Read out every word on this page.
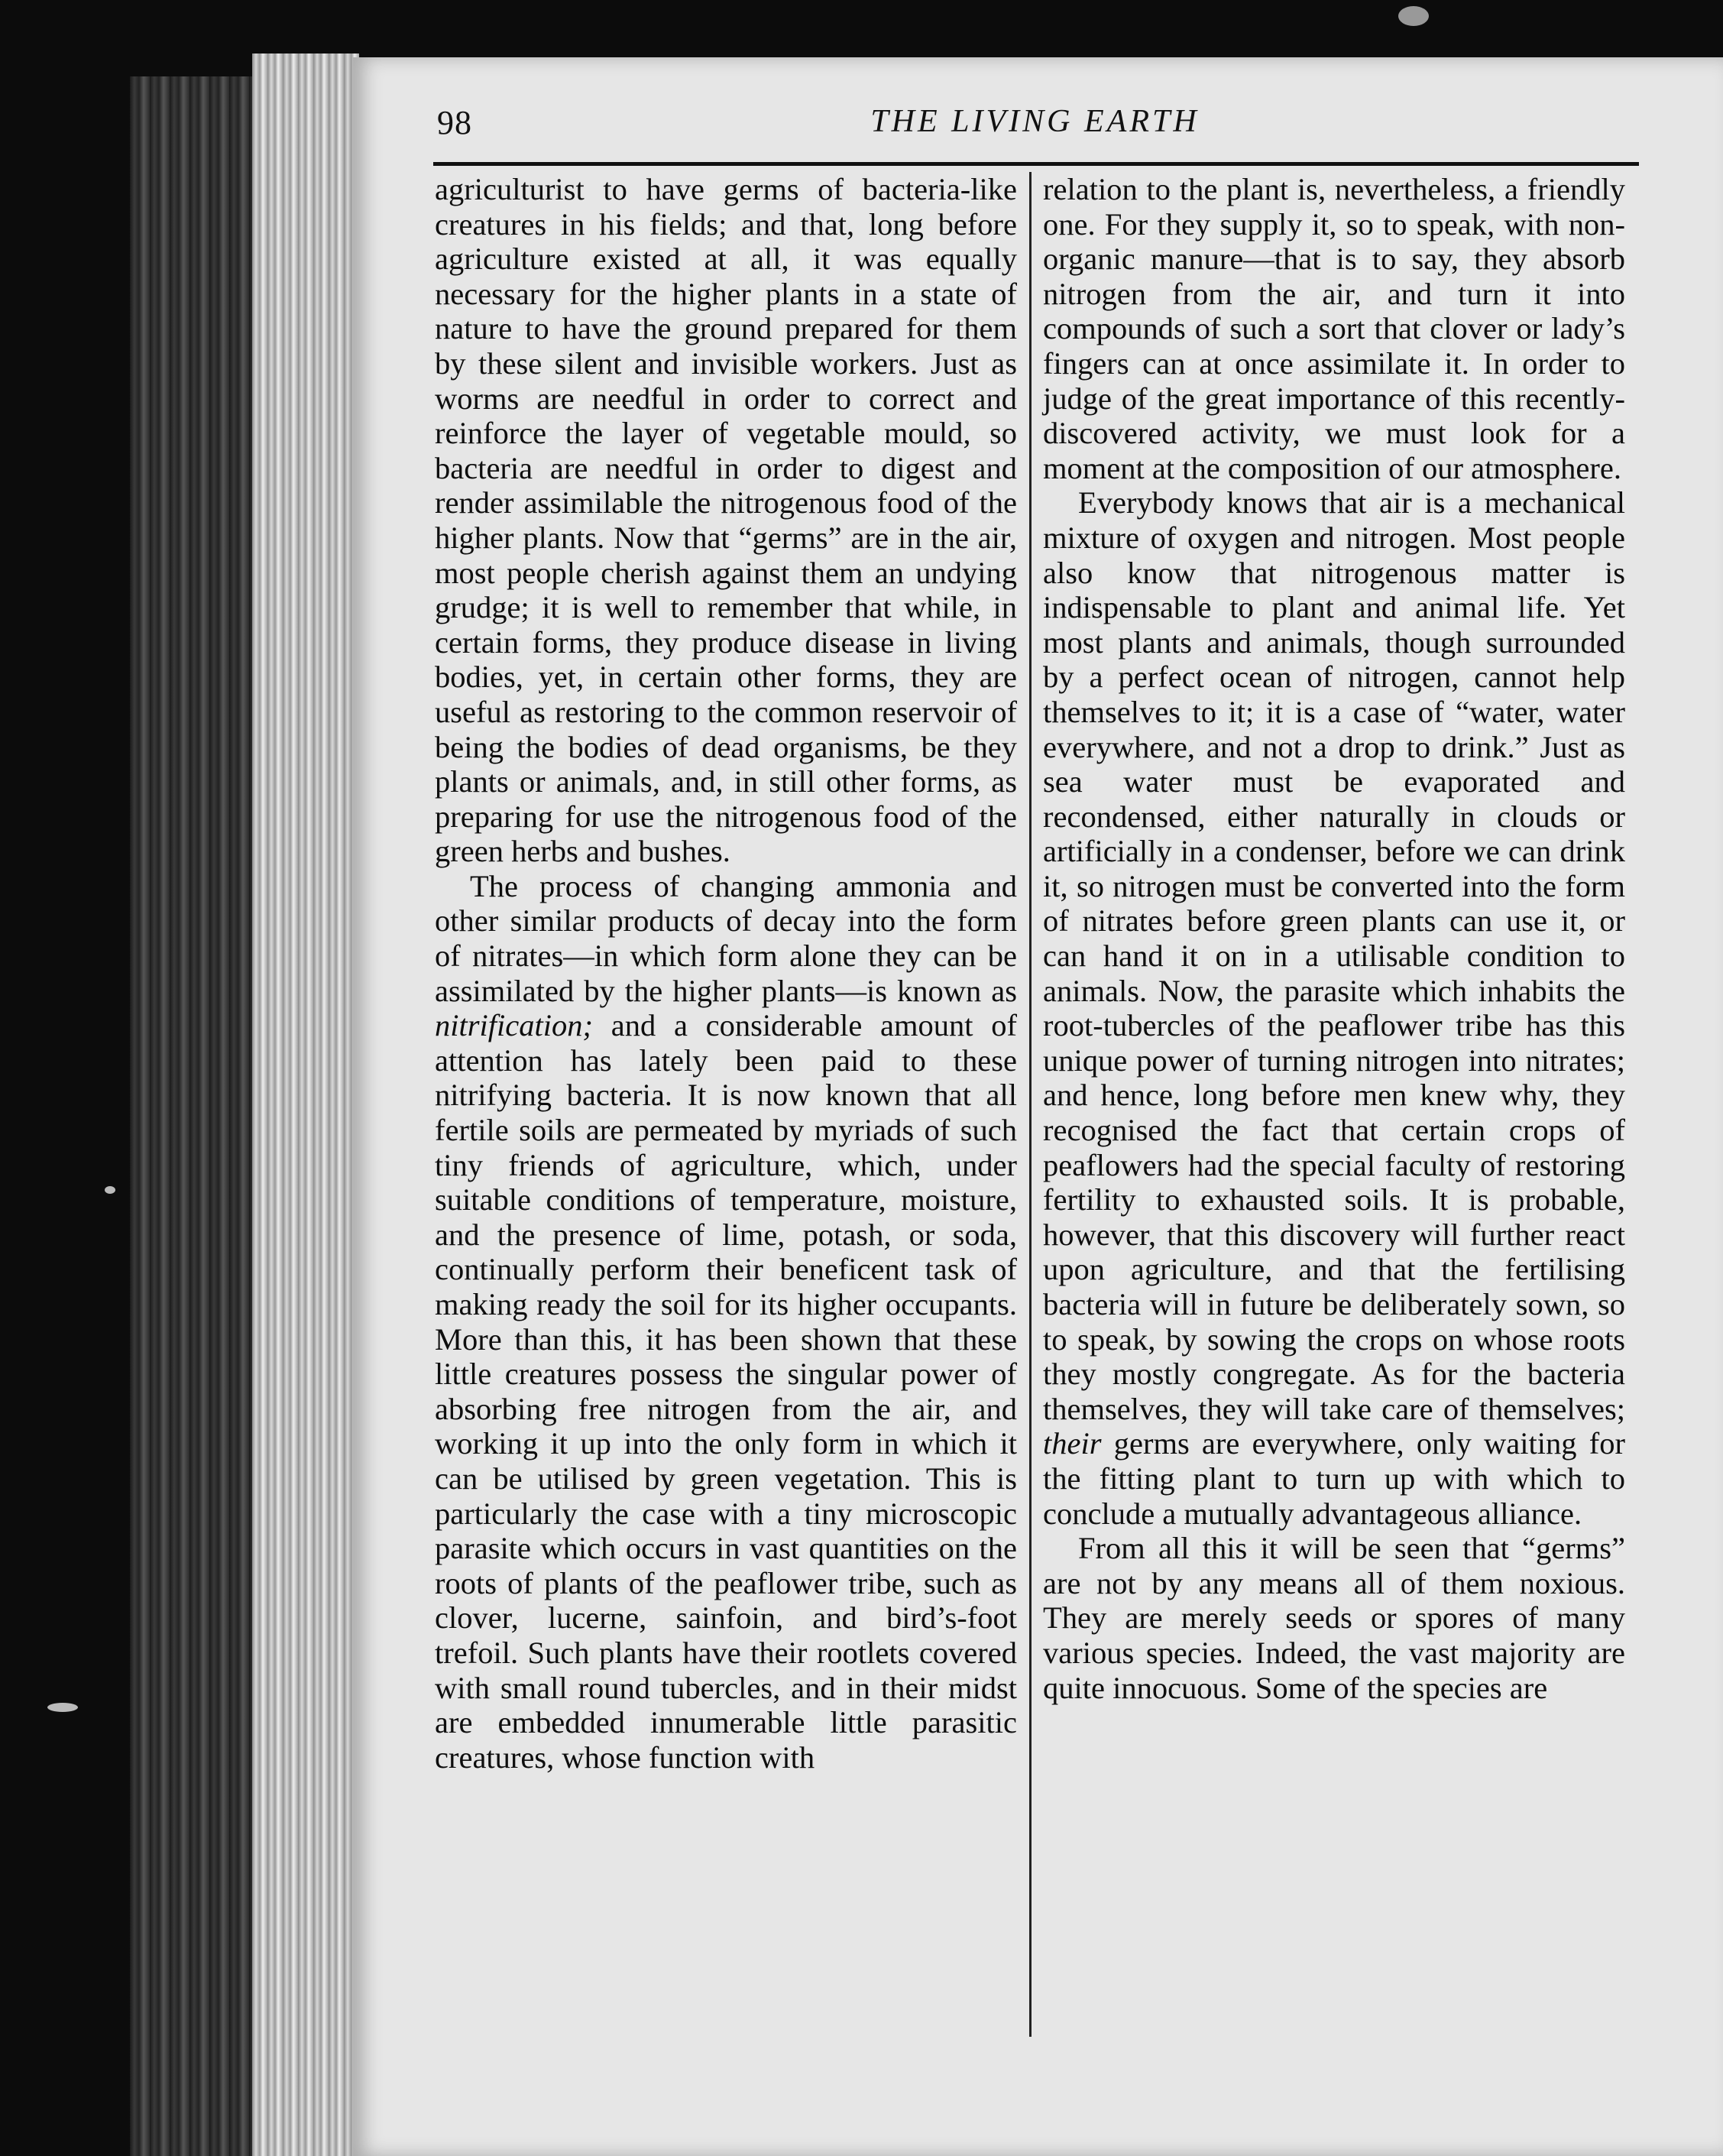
98	THE LIVING EARTH

agriculturist to have germs of bacteria-like creatures in his fields; and that, long before agriculture existed at all, it was equally necessary for the higher plants in a state of nature to have the ground prepared for them by these silent and invisible workers. Just as worms are needful in order to correct and reinforce the layer of vegetable mould, so bacteria are needful in order to digest and render assimilable the nitrogenous food of the higher plants. Now that “germs” are in the air, most people cherish against them an undying grudge; it is well to remember that while, in certain forms, they produce disease in living bodies, yet, in certain other forms, they are useful as restoring to the common reservoir of being the bodies of dead organisms, be they plants or animals, and, in still other forms, as preparing for use the nitrogenous food of the green herbs and bushes.

The process of changing ammonia and other similar products of decay into the form of nitrates—in which form alone they can be assimilated by the higher plants—is known as nitrification; and a considerable amount of attention has lately been paid to these nitrifying bacteria. It is now known that all fertile soils are permeated by myriads of such tiny friends of agriculture, which, under suitable conditions of temperature, moisture, and the presence of lime, potash, or soda, continually perform their beneficent task of making ready the soil for its higher occupants. More than this, it has been shown that these little creatures possess the singular power of absorbing free nitrogen from the air, and working it up into the only form in which it can be utilised by green vegetation. This is particularly the case with a tiny microscopic parasite which occurs in vast quantities on the roots of plants of the peaflower tribe, such as clover, lucerne, sainfoin, and bird’s-foot trefoil. Such plants have their rootlets covered with small round tubercles, and in their midst are embedded innumerable little parasitic creatures, whose function with

relation to the plant is, nevertheless, a friendly one. For they supply it, so to speak, with non-organic manure—that is to say, they absorb nitrogen from the air, and turn it into compounds of such a sort that clover or lady’s fingers can at once assimilate it. In order to judge of the great importance of this recently-discovered activity, we must look for a moment at the composition of our atmosphere.

Everybody knows that air is a mechanical mixture of oxygen and nitrogen. Most people also know that nitrogenous matter is indispensable to plant and animal life. Yet most plants and animals, though surrounded by a perfect ocean of nitrogen, cannot help themselves to it; it is a case of “water, water everywhere, and not a drop to drink.” Just as sea water must be evaporated and recondensed, either naturally in clouds or artificially in a condenser, before we can drink it, so nitrogen must be converted into the form of nitrates before green plants can use it, or can hand it on in a utilisable condition to animals. Now, the parasite which inhabits the root-tubercles of the peaflower tribe has this unique power of turning nitrogen into nitrates; and hence, long before men knew why, they recognised the fact that certain crops of peaflowers had the special faculty of restoring fertility to exhausted soils. It is probable, however, that this discovery will further react upon agriculture, and that the fertilising bacteria will in future be deliberately sown, so to speak, by sowing the crops on whose roots they mostly congregate. As for the bacteria themselves, they will take care of themselves; their germs are everywhere, only waiting for the fitting plant to turn up with which to conclude a mutually advantageous alliance.

From all this it will be seen that “germs” are not by any means all of them noxious. They are merely seeds or spores of many various species. Indeed, the vast majority are quite innocuous. Some of the species are
